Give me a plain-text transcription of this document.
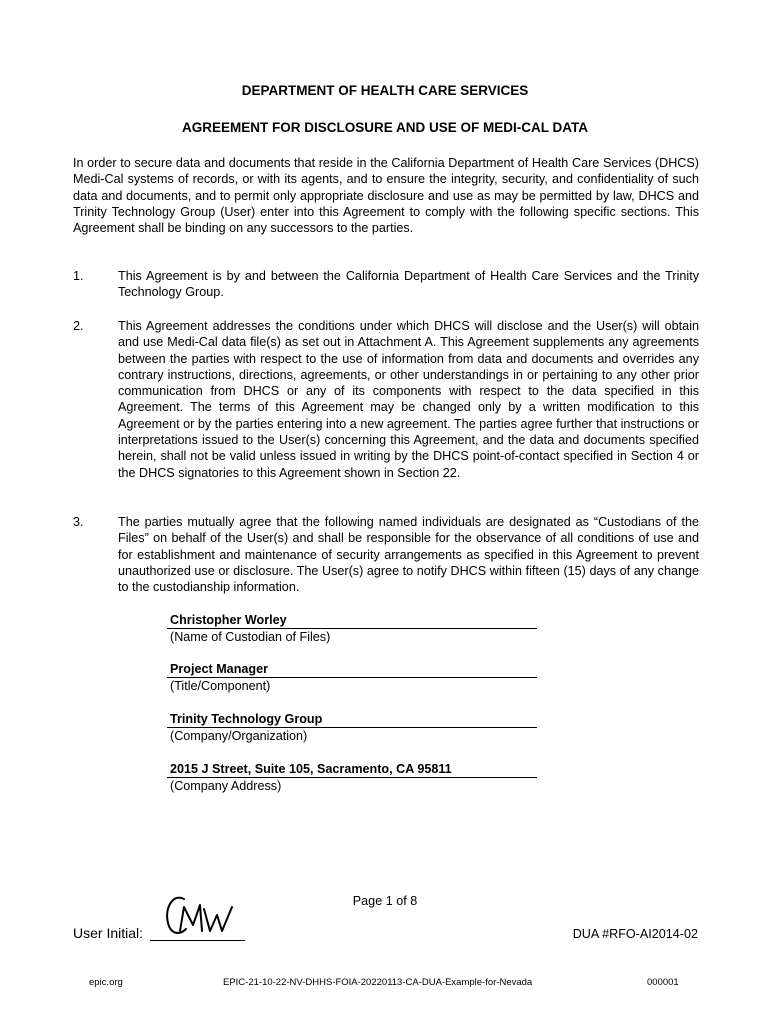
DEPARTMENT OF HEALTH CARE SERVICES
AGREEMENT FOR DISCLOSURE AND USE OF MEDI-CAL DATA
In order to secure data and documents that reside in the California Department of Health Care Services (DHCS) Medi-Cal systems of records, or with its agents, and to ensure the integrity, security, and confidentiality of such data and documents, and to permit only appropriate disclosure and use as may be permitted by law, DHCS and Trinity Technology Group (User) enter into this Agreement to comply with the following specific sections. This Agreement shall be binding on any successors to the parties.
1.	This Agreement is by and between the California Department of Health Care Services and the Trinity Technology Group.
2.	This Agreement addresses the conditions under which DHCS will disclose and the User(s) will obtain and use Medi-Cal data file(s) as set out in Attachment A. This Agreement supplements any agreements between the parties with respect to the use of information from data and documents and overrides any contrary instructions, directions, agreements, or other understandings in or pertaining to any other prior communication from DHCS or any of its components with respect to the data specified in this Agreement. The terms of this Agreement may be changed only by a written modification to this Agreement or by the parties entering into a new agreement. The parties agree further that instructions or interpretations issued to the User(s) concerning this Agreement, and the data and documents specified herein, shall not be valid unless issued in writing by the DHCS point-of-contact specified in Section 4 or the DHCS signatories to this Agreement shown in Section 22.
3.	The parties mutually agree that the following named individuals are designated as “Custodians of the Files” on behalf of the User(s) and shall be responsible for the observance of all conditions of use and for establishment and maintenance of security arrangements as specified in this Agreement to prevent unauthorized use or disclosure. The User(s) agree to notify DHCS within fifteen (15) days of any change to the custodianship information.
Christopher Worley
(Name of Custodian of Files)
Project Manager
(Title/Component)
Trinity Technology Group
(Company/Organization)
2015 J Street, Suite 105, Sacramento, CA 95811
(Company Address)
Page 1 of 8
User Initial:	DUA #RFO-AI2014-02
epic.org	EPIC-21-10-22-NV-DHHS-FOIA-20220113-CA-DUA-Example-for-Nevada	000001
